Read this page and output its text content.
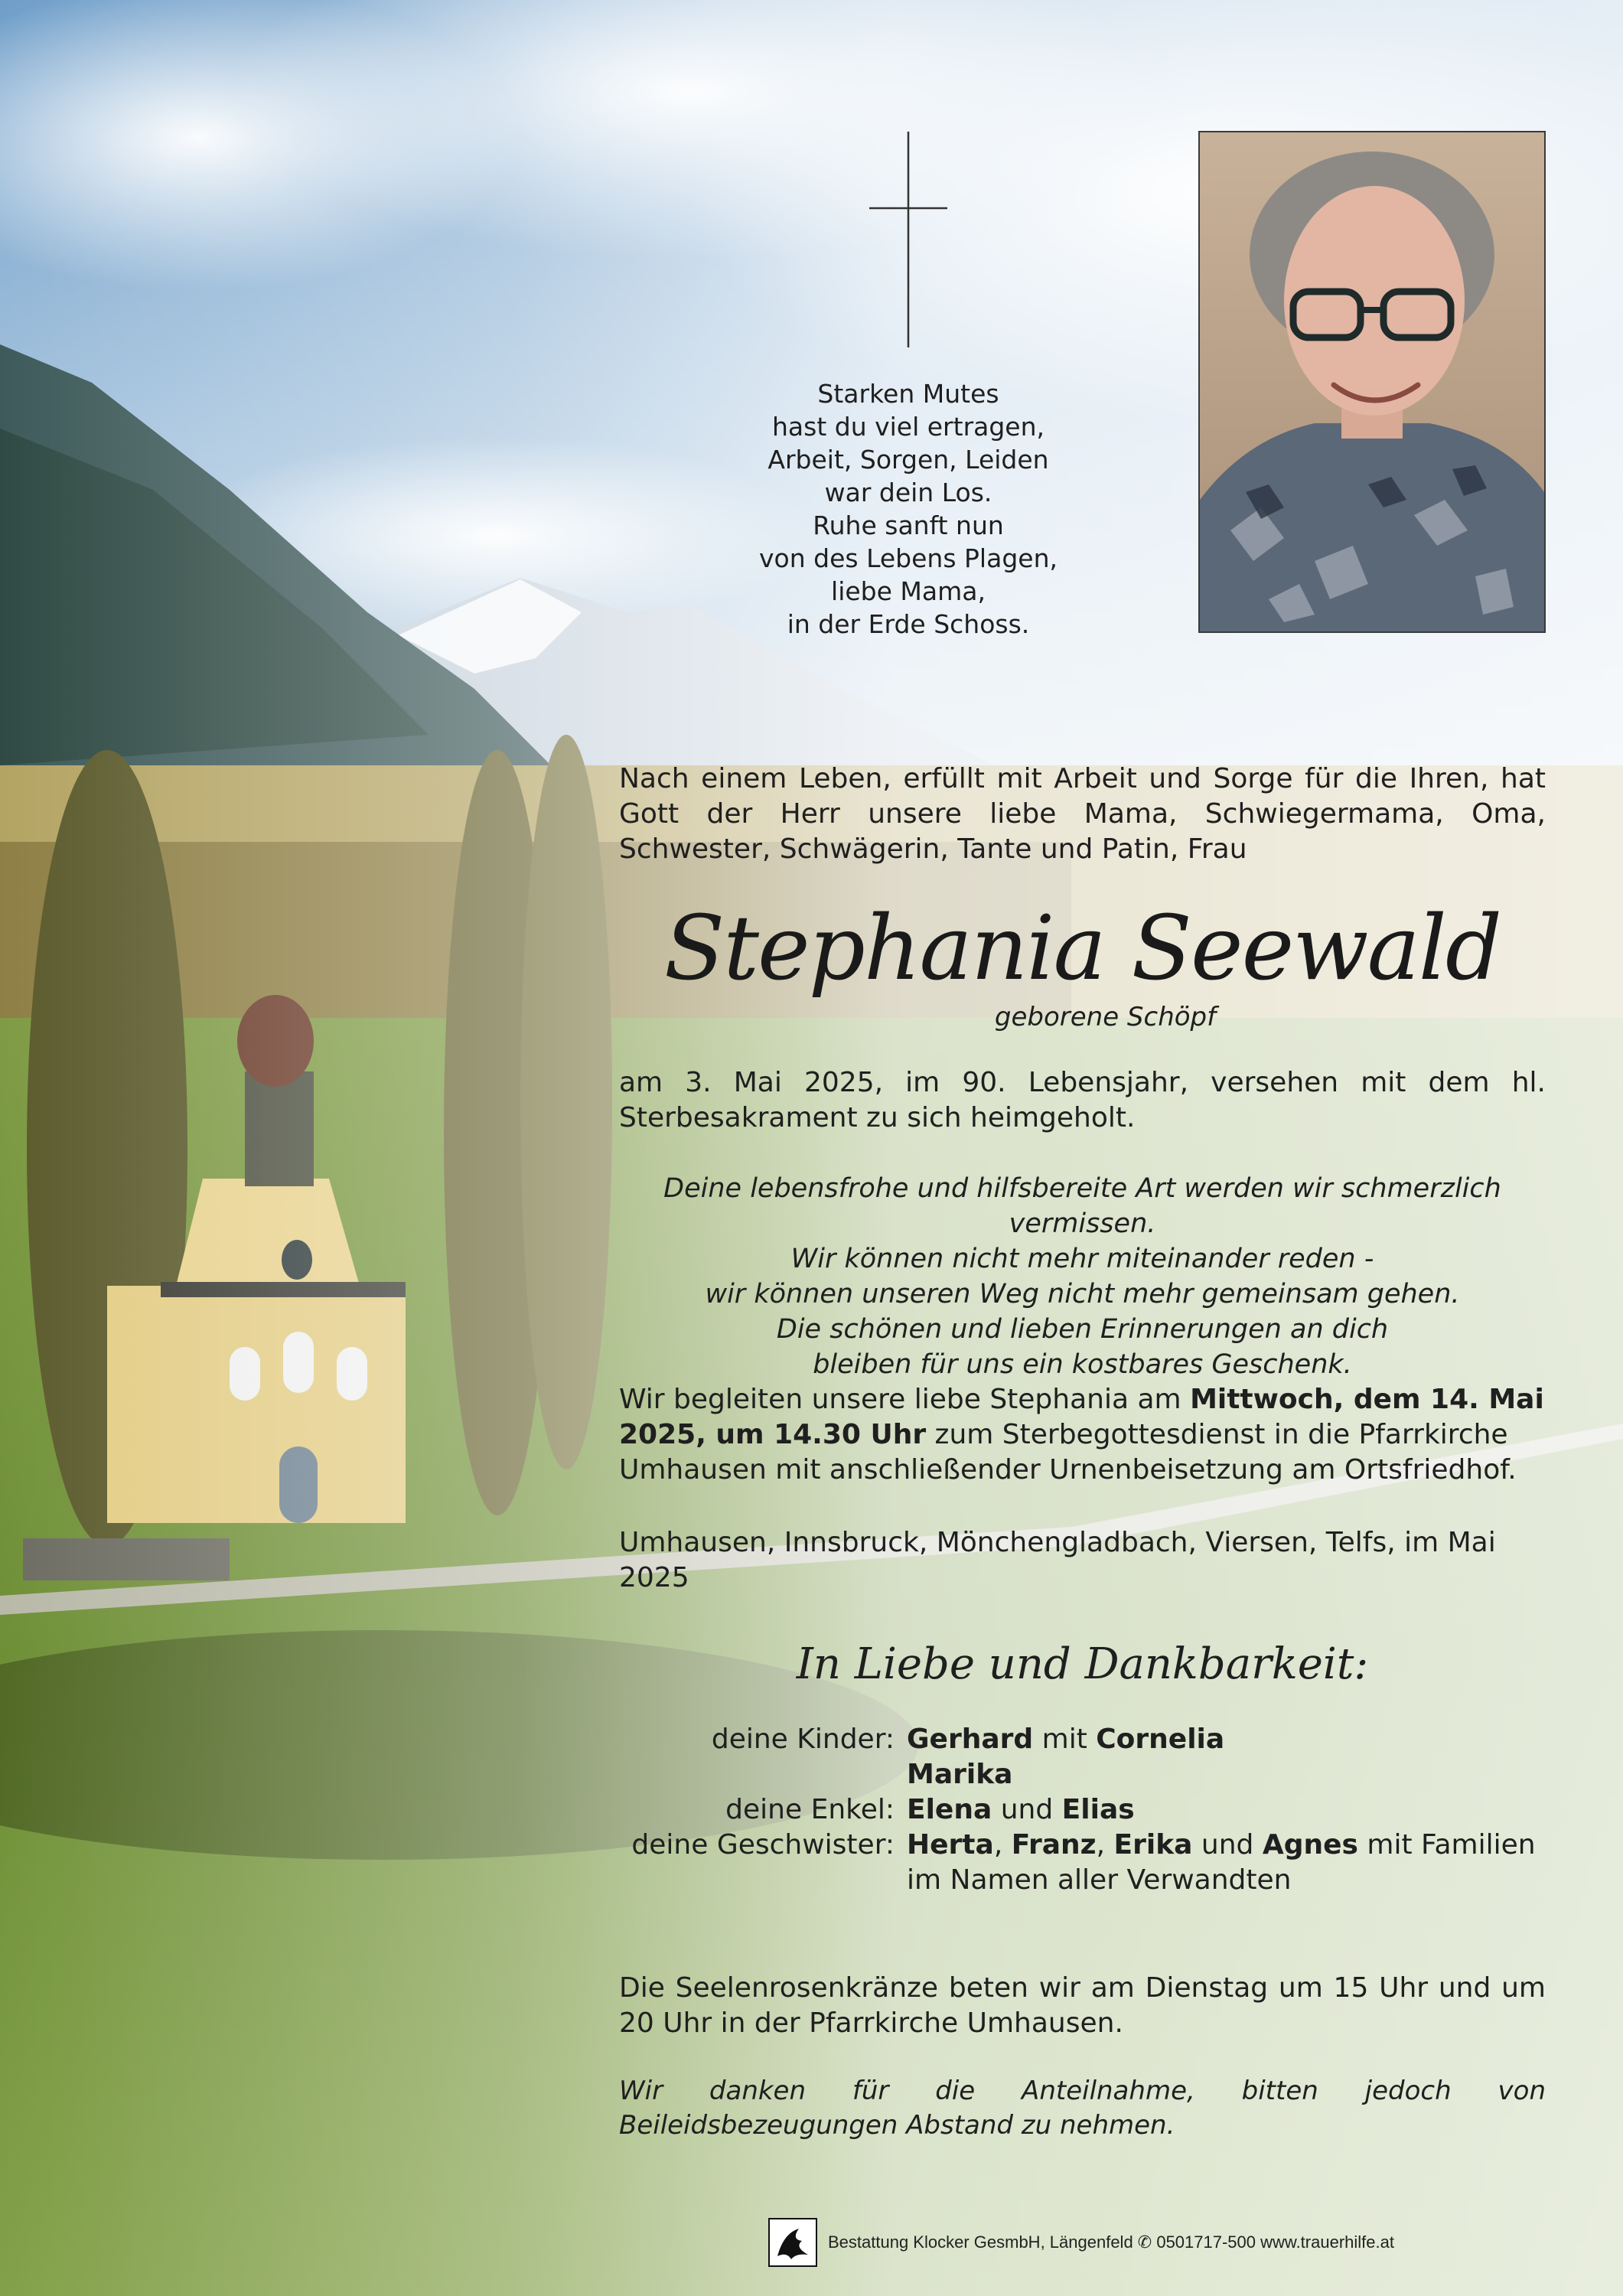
Starken Mutes
hast du viel ertragen,
Arbeit, Sorgen, Leiden
war dein Los.
Ruhe sanft nun
von des Lebens Plagen,
liebe Mama,
in der Erde Schoss.
Nach einem Leben, erfüllt mit Arbeit und Sorge für die Ihren, hat Gott der Herr unsere liebe Mama, Schwiegermama, Oma, Schwester, Schwägerin, Tante und Patin, Frau
Stephania Seewald
geborene Schöpf
am 3. Mai 2025, im 90. Lebensjahr, versehen mit dem hl. Sterbesakrament zu sich heimgeholt.
Deine lebensfrohe und hilfsbereite Art werden wir schmerzlich vermissen.
Wir können nicht mehr miteinander reden -
wir können unseren Weg nicht mehr gemeinsam gehen.
Die schönen und lieben Erinnerungen an dich
bleiben für uns ein kostbares Geschenk.
Wir begleiten unsere liebe Stephania am Mittwoch, dem 14. Mai 2025, um 14.30 Uhr zum Sterbegottesdienst in die Pfarrkirche Umhausen mit anschließender Urnenbeisetzung am Ortsfriedhof.
Umhausen, Innsbruck, Mönchengladbach, Viersen, Telfs, im Mai 2025
In Liebe und Dankbarkeit:
deine Kinder: Gerhard mit Cornelia
Marika
deine Enkel: Elena und Elias
deine Geschwister: Herta, Franz, Erika und Agnes mit Familien
im Namen aller Verwandten
Die Seelenrosenkränze beten wir am Dienstag um 15 Uhr und um 20 Uhr in der Pfarrkirche Umhausen.
Wir danken für die Anteilnahme, bitten jedoch von Beileidsbezeugungen Abstand zu nehmen.
Bestattung Klocker GesmbH, Längenfeld ✆ 0501717-500 www.trauerhilfe.at
